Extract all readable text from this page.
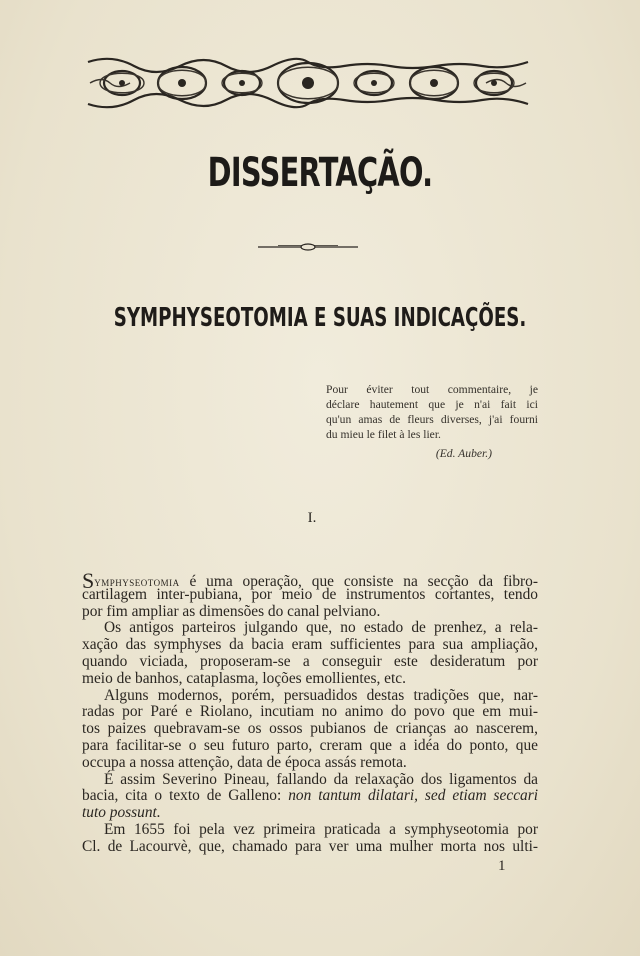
DISSERTAÇÃO.
SYMPHYSEOTOMIA E SUAS INDICAÇÕES.
Pour éviter tout commentaire, je
déclare hautement que je n'ai fait ici
qu'un amas de fleurs diverses, j'ai fourni
du mieu le filet à les lier.
(Ed. Auber.)
I.
Symphyseotomia é uma operação, que consiste na secção da fibro-
cartilagem inter-pubiana, por meio de instrumentos cortantes, tendo
por fim ampliar as dimensões do canal pelviano.
Os antigos parteiros julgando que, no estado de prenhez, a rela-
xação das symphyses da bacia eram sufficientes para sua ampliação,
quando viciada, proposeram-se a conseguir este desideratum por
meio de banhos, cataplasma, loções emollientes, etc.
Alguns modernos, porém, persuadidos destas tradições que, nar-
radas por Paré e Riolano, incutiam no animo do povo que em mui-
tos paizes quebravam-se os ossos pubianos de crianças ao nascerem,
para facilitar-se o seu futuro parto, creram que a idéa do ponto, que
occupa a nossa attenção, data de época assás remota.
É assim Severino Pineau, fallando da relaxação dos ligamentos da
bacia, cita o texto de Galleno: non tantum dilatari, sed etiam seccari
tuto possunt.
Em 1655 foi pela vez primeira praticada a symphyseotomia por
Cl. de Lacourvè, que, chamado para ver uma mulher morta nos ulti-
1
